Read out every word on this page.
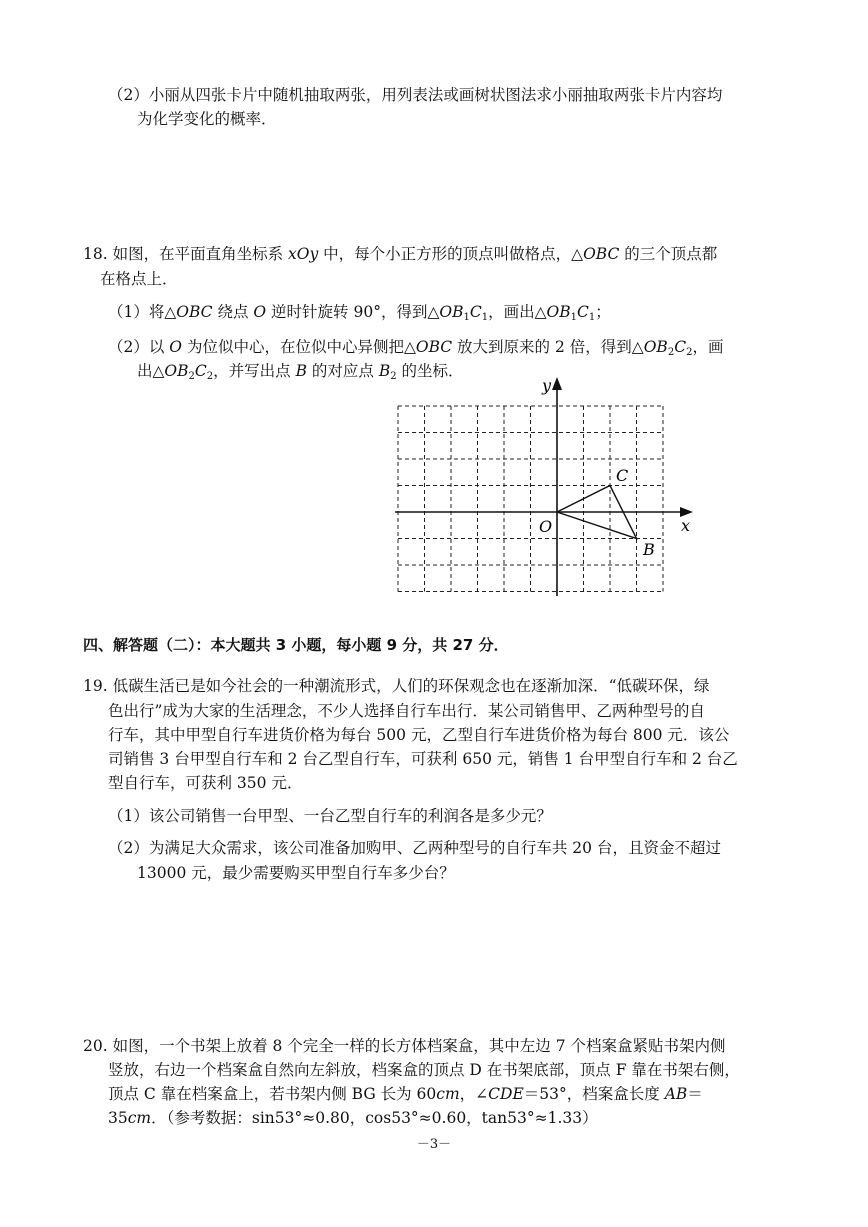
（2）小丽从四张卡片中随机抽取两张，用列表法或画树状图法求小丽抽取两张卡片内容均
为化学变化的概率．
18. 如图，在平面直角坐标系 xOy 中，每个小正方形的顶点叫做格点，△OBC 的三个顶点都
在格点上．
（1）将△OBC 绕点 O 逆时针旋转 90°，得到$\triangle OB_1C_1$，画出$\triangle OB_1C_1$；
（2）以 O 为位似中心，在位似中心异侧把△OBC 放大到原来的 2 倍，得到$\triangle OB_2C_2$，画
出$\triangle OB_2C_2$，并写出点 B 的对应点 $B_2$ 的坐标．
x
y
O
B
C
四、解答题（二）：本大题共 3 小题，每小题 9 分，共 27 分．
19. 低碳生活已是如今社会的一种潮流形式，人们的环保观念也在逐渐加深．“低碳环保，绿
色出行”成为大家的生活理念，不少人选择自行车出行．某公司销售甲、乙两种型号的自
行车，其中甲型自行车进货价格为每台 500 元，乙型自行车进货价格为每台 800 元．该公
司销售 3 台甲型自行车和 2 台乙型自行车，可获利 650 元，销售 1 台甲型自行车和 2 台乙
型自行车，可获利 350 元．
（1）该公司销售一台甲型、一台乙型自行车的利润各是多少元？
（2）为满足大众需求，该公司准备加购甲、乙两种型号的自行车共 20 台，且资金不超过
13000 元，最少需要购买甲型自行车多少台？
20. 如图，一个书架上放着 8 个完全一样的长方体档案盒，其中左边 7 个档案盒紧贴书架内侧
竖放，右边一个档案盒自然向左斜放，档案盒的顶点 D 在书架底部，顶点 F 靠在书架右侧，
顶点 C 靠在档案盒上，若书架内侧 BG 长为 60cm，∠CDE＝53°，档案盒长度 AB＝
35cm．（参考数据：sin53°≈0.80，cos53°≈0.60，tan53°≈1.33）
－3－
